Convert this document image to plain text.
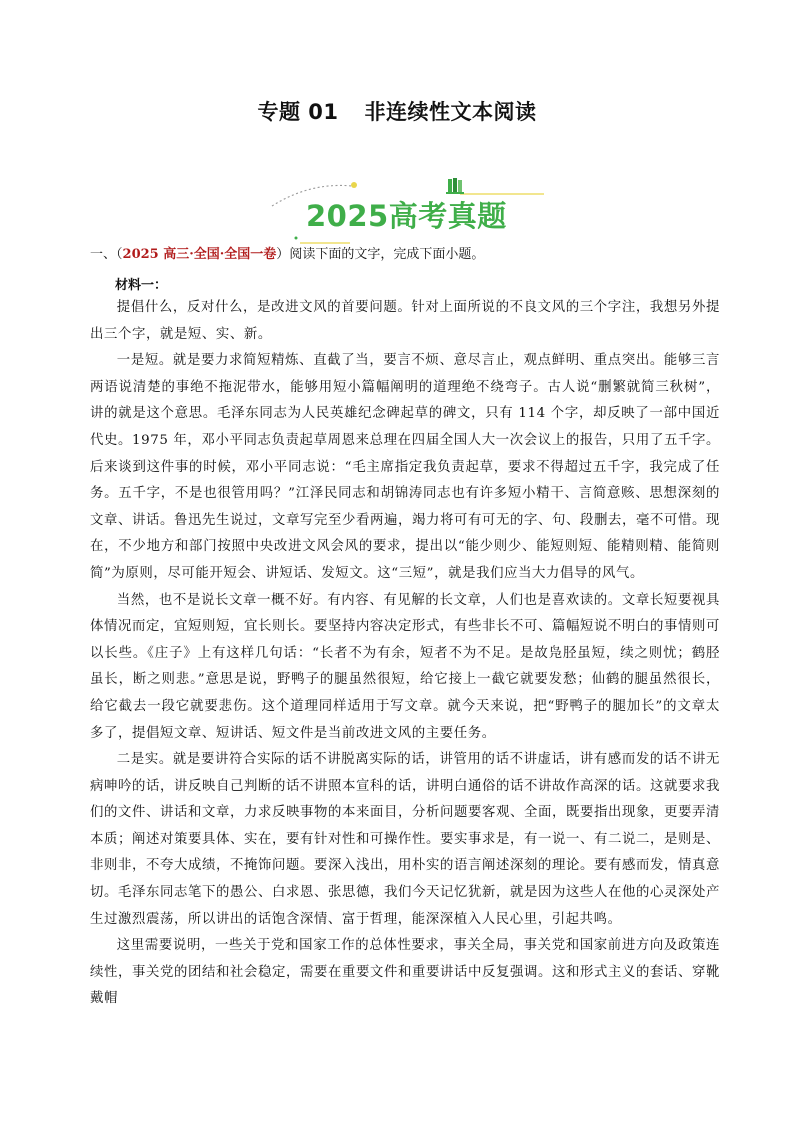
专题 01 非连续性文本阅读
2025高考真题
一、（2025 高三·全国·全国一卷）阅读下面的文字，完成下面小题。
材料一：

提倡什么，反对什么，是改进文风的首要问题。针对上面所说的不良文风的三个字注，我想另外提出三个字，就是短、实、新。

一是短。就是要力求简短精炼、直截了当，要言不烦、意尽言止，观点鲜明、重点突出。能够三言两语说清楚的事绝不拖泥带水，能够用短小篇幅阐明的道理绝不绕弯子。古人说“删繁就简三秋树”，讲的就是这个意思。毛泽东同志为人民英雄纪念碑起草的碑文，只有 114 个字，却反映了一部中国近代史。1975 年，邓小平同志负责起草周恩来总理在四届全国人大一次会议上的报告，只用了五千字。后来谈到这件事的时候，邓小平同志说：“毛主席指定我负责起草，要求不得超过五千字，我完成了任务。五千字，不是也很管用吗？”江泽民同志和胡锦涛同志也有许多短小精干、言简意赅、思想深刻的文章、讲话。鲁迅先生说过，文章写完至少看两遍，竭力将可有可无的字、句、段删去，毫不可惜。现在，不少地方和部门按照中央改进文风会风的要求，提出以“能少则少、能短则短、能精则精、能简则简”为原则，尽可能开短会、讲短话、发短文。这“三短”，就是我们应当大力倡导的风气。

当然，也不是说长文章一概不好。有内容、有见解的长文章，人们也是喜欢读的。文章长短要视具体情况而定，宜短则短，宜长则长。要坚持内容决定形式，有些非长不可、篇幅短说不明白的事情则可以长些。《庄子》上有这样几句话：“长者不为有余，短者不为不足。是故凫胫虽短，续之则忧；鹤胫虽长，断之则悲。”意思是说，野鸭子的腿虽然很短，给它接上一截它就要发愁；仙鹤的腿虽然很长，给它截去一段它就要悲伤。这个道理同样适用于写文章。就今天来说，把“野鸭子的腿加长”的文章太多了，提倡短文章、短讲话、短文件是当前改进文风的主要任务。

二是实。就是要讲符合实际的话不讲脱离实际的话，讲管用的话不讲虚话，讲有感而发的话不讲无病呻吟的话，讲反映自己判断的话不讲照本宣科的话，讲明白通俗的话不讲故作高深的话。这就要求我们的文件、讲话和文章，力求反映事物的本来面目，分析问题要客观、全面，既要指出现象，更要弄清本质；阐述对策要具体、实在，要有针对性和可操作性。要实事求是，有一说一、有二说二，是则是、非则非，不夸大成绩，不掩饰问题。要深入浅出，用朴实的语言阐述深刻的理论。要有感而发，情真意切。毛泽东同志笔下的愚公、白求恩、张思德，我们今天记忆犹新，就是因为这些人在他的心灵深处产生过激烈震荡，所以讲出的话饱含深情、富于哲理，能深深植入人民心里，引起共鸣。

这里需要说明，一些关于党和国家工作的总体性要求，事关全局，事关党和国家前进方向及政策连续性，事关党的团结和社会稳定，需要在重要文件和重要讲话中反复强调。这和形式主义的套话、穿靴戴帽
